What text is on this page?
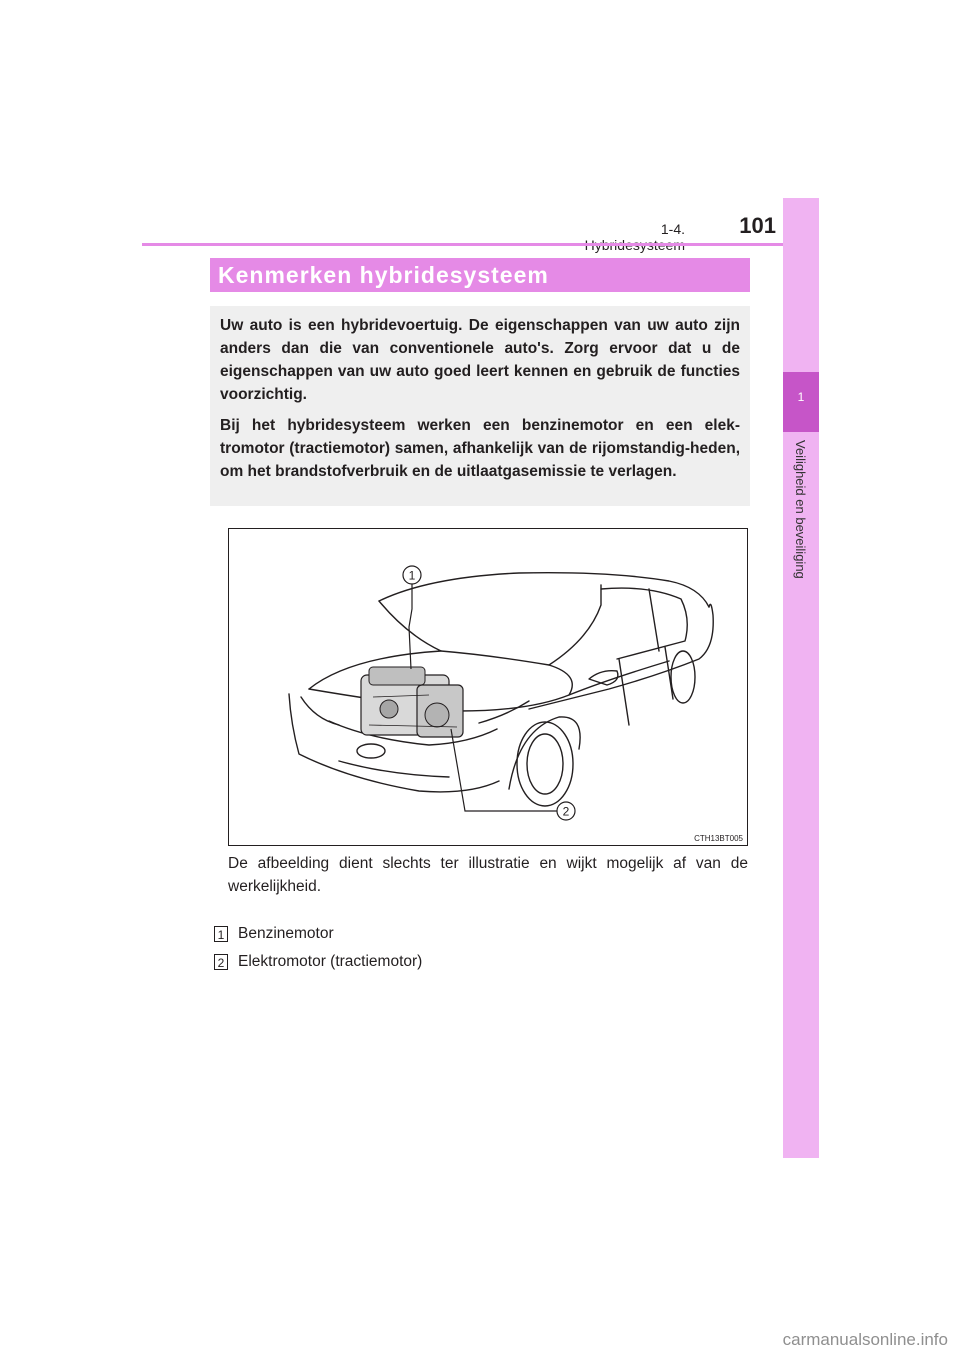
1-4.	101
1
Veiligheid en beveiliging
Kenmerken hybridesysteem

Uw auto is een hybridevoertuig. De eigenschappen van uw auto zijn anders dan die van conventionele auto's. Zorg ervoor dat u de eigenschappen van uw auto goed leert kennen en gebruik de functies voorzichtig.

Bij het hybridesysteem werken een benzinemotor en een elek-tromotor (tractiemotor) samen, afhankelijk van de rijomstandig-heden, om het brandstofverbruik en de uitlaatgasemissie te verlagen.

1
2
CTH13BT005
De afbeelding dient slechts ter illustratie en wijkt mogelijk af van de werkelijkheid.
1 Benzinemotor
2 Elektromotor (tractiemotor)
carmanualsonline.info
